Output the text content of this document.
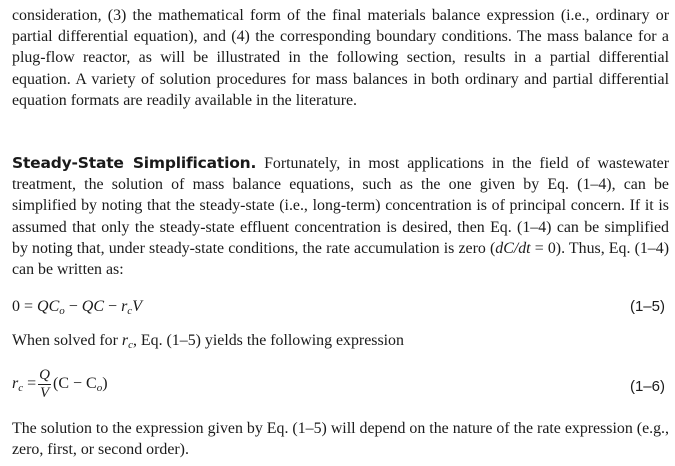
consideration, (3) the mathematical form of the final materials balance expression (i.e., ordinary or partial differential equation), and (4) the corresponding boundary conditions. The mass balance for a plug-flow reactor, as will be illustrated in the following section, results in a partial differential equation. A variety of solution procedures for mass balances in both ordinary and partial differential equation formats are readily available in the literature.

Steady-State Simplification. Fortunately, in most applications in the field of wastewater treatment, the solution of mass balance equations, such as the one given by Eq. (1–4), can be simplified by noting that the steady-state (i.e., long-term) concentration is of principal concern. If it is assumed that only the steady-state effluent concentration is desired, then Eq. (1–4) can be simplified by noting that, under steady-state conditions, the rate accumulation is zero (dC/dt = 0). Thus, Eq. (1–4) can be written as:

$0 = QC_o$ − QC − $r_cV$	(1–5)

When solved for $r_c$, Eq. (1–5) yields the following expression

$r_c = \frac{Q}{V} (C - C_o)$	(1–6)

The solution to the expression given by Eq. (1–5) will depend on the nature of the rate expression (e.g., zero, first, or second order).
